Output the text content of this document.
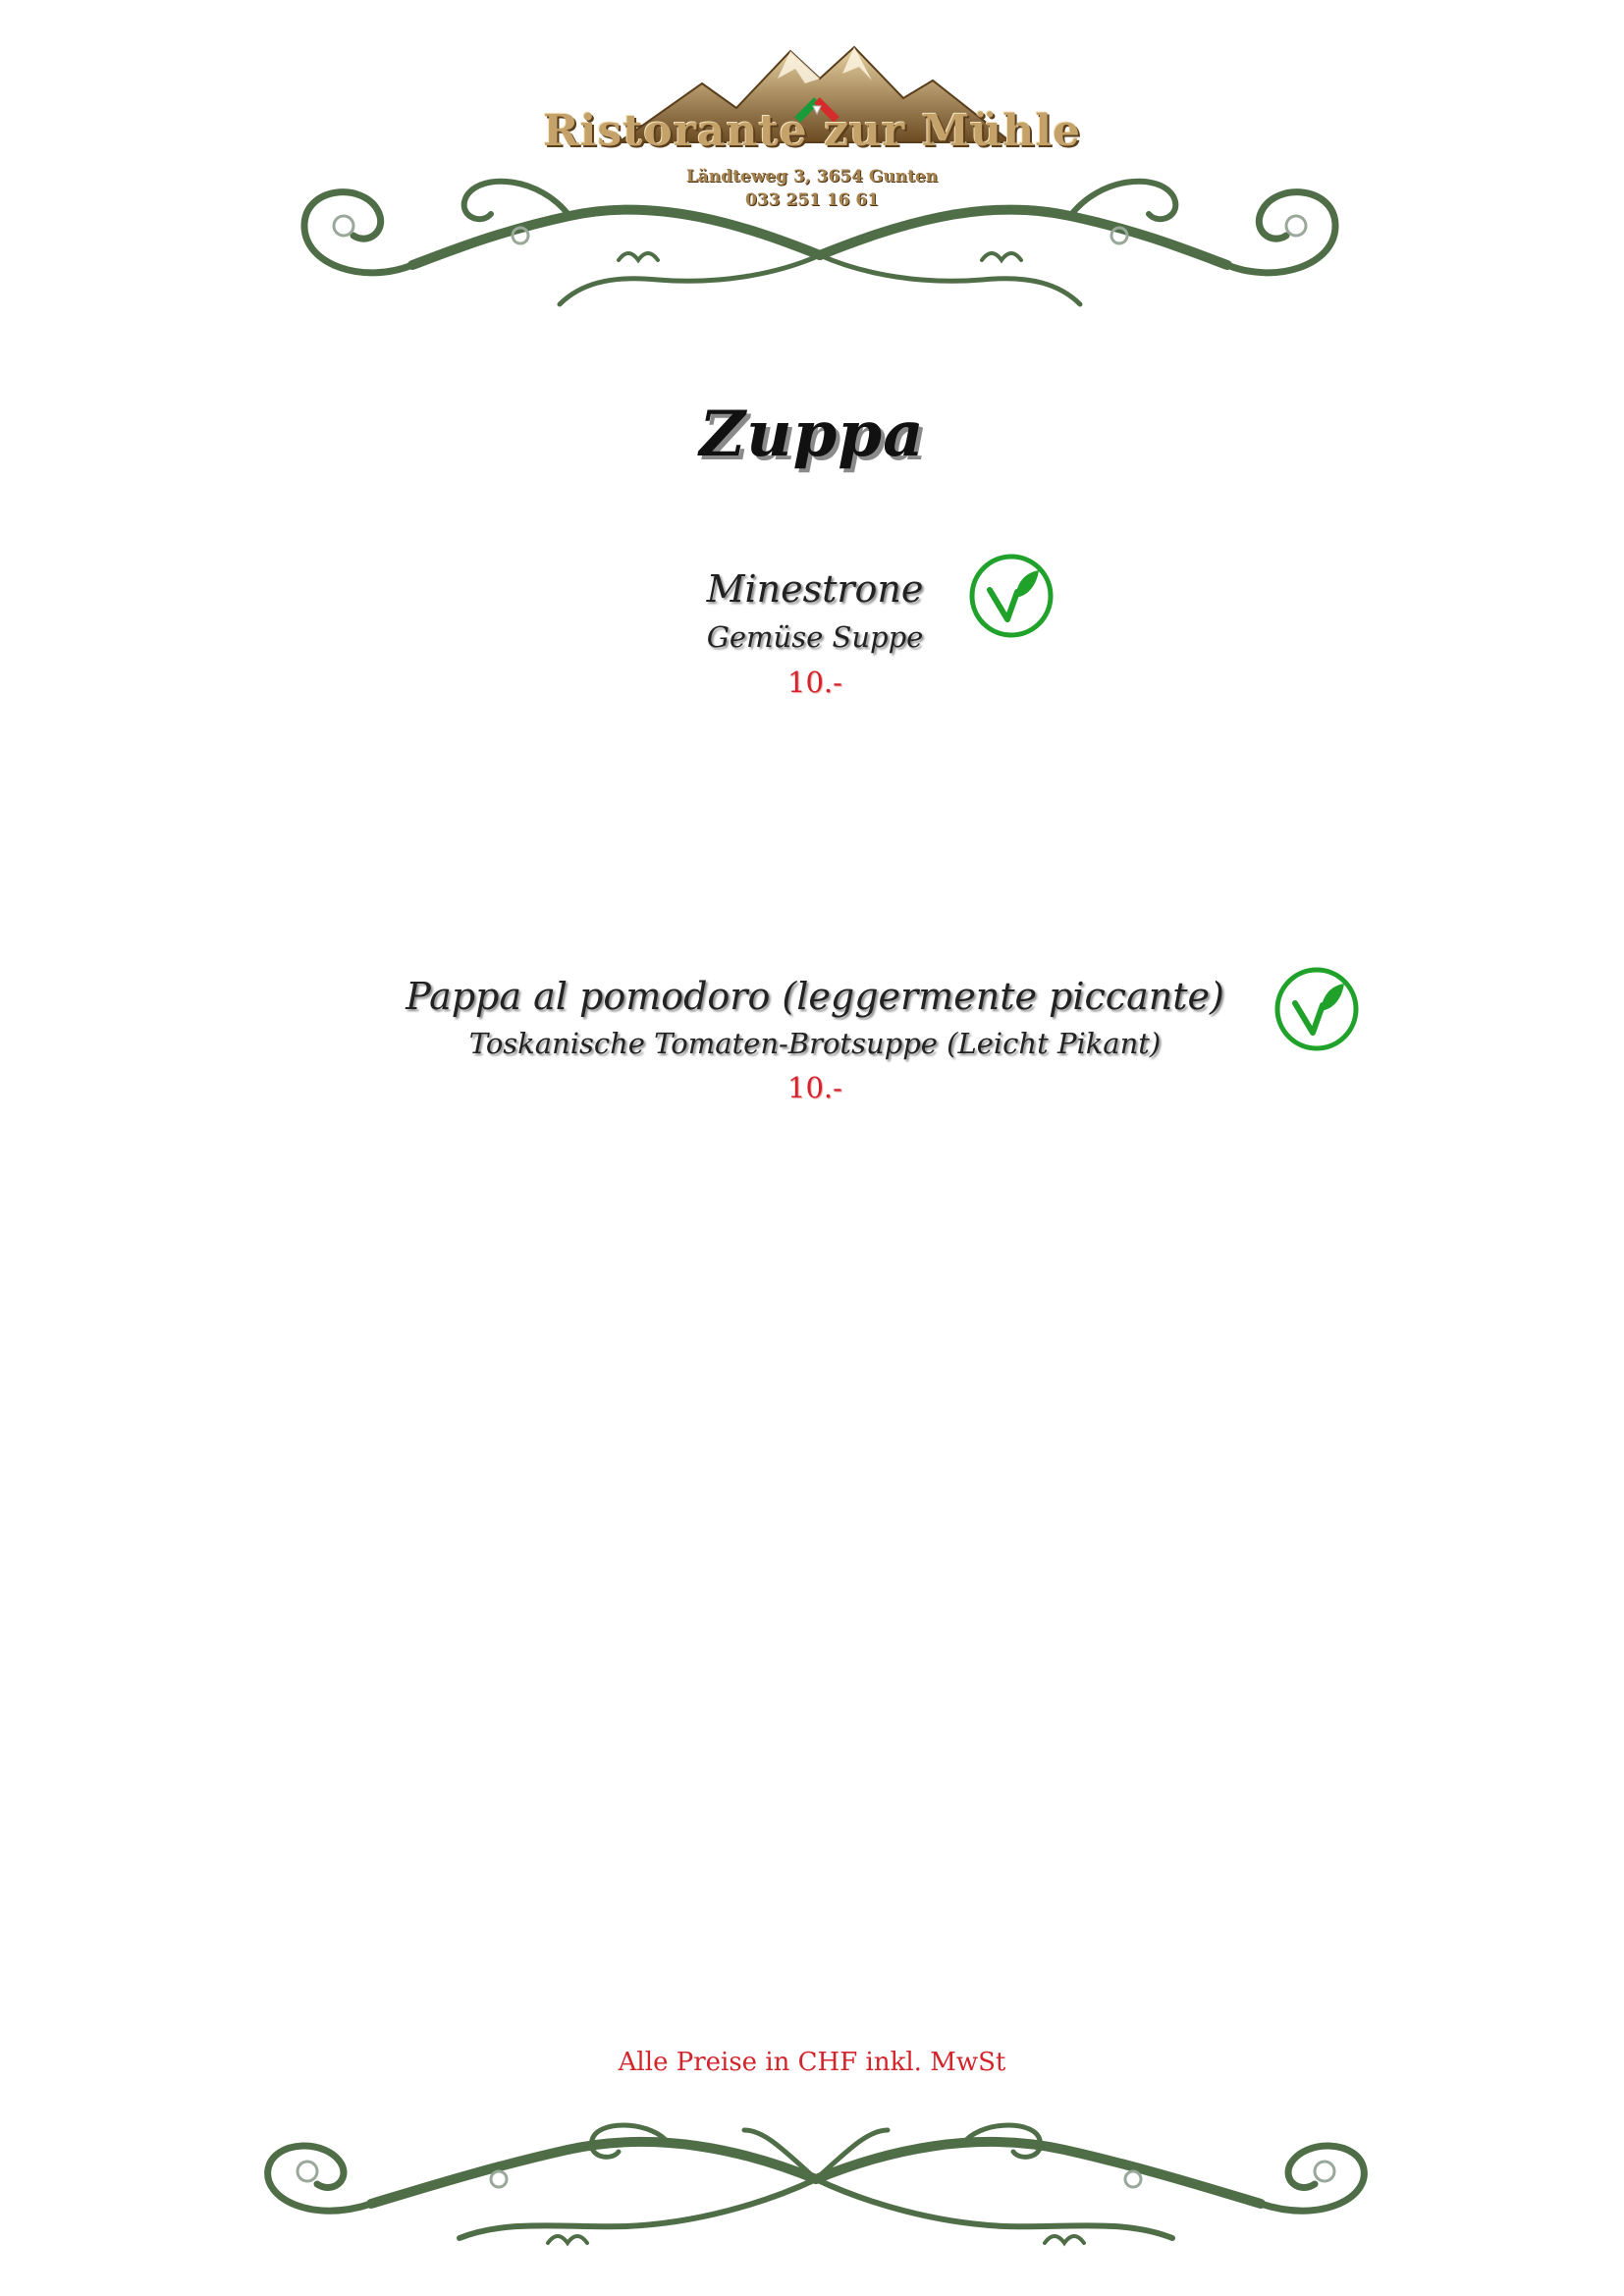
Ristorante zur Mühle
Ländteweg 3, 3654 Gunten
033 251 16 61
Zuppa
Minestrone
Gemüse Suppe
10.-
Pappa al pomodoro (leggermente piccante)
Toskanische Tomaten-Brotsuppe (Leicht Pikant)
10.-
Alle Preise in CHF inkl. MwSt
